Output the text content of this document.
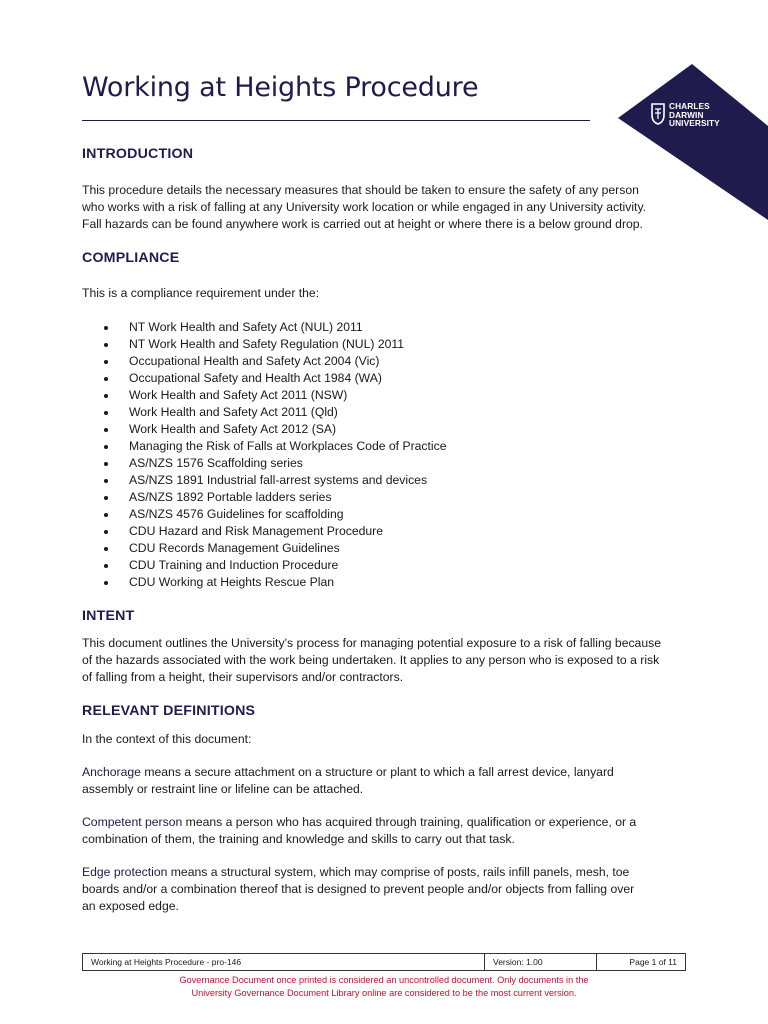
Working at Heights Procedure
CHARLES
DARWIN
UNIVERSITY
INTRODUCTION

This procedure details the necessary measures that should be taken to ensure the safety of any person
who works with a risk of falling at any University work location or while engaged in any University activity.
Fall hazards can be found anywhere work is carried out at height or where there is a below ground drop.

COMPLIANCE

This is a compliance requirement under the:

NT Work Health and Safety Act (NUL) 2011
NT Work Health and Safety Regulation (NUL) 2011
Occupational Health and Safety Act 2004 (Vic)
Occupational Safety and Health Act 1984 (WA)
Work Health and Safety Act 2011 (NSW)
Work Health and Safety Act 2011 (Qld)
Work Health and Safety Act 2012 (SA)
Managing the Risk of Falls at Workplaces Code of Practice
AS/NZS 1576 Scaffolding series
AS/NZS 1891 Industrial fall-arrest systems and devices
AS/NZS 1892 Portable ladders series
AS/NZS 4576 Guidelines for scaffolding
CDU Hazard and Risk Management Procedure
CDU Records Management Guidelines
CDU Training and Induction Procedure
CDU Working at Heights Rescue Plan
INTENT

This document outlines the University’s process for managing potential exposure to a risk of falling because
of the hazards associated with the work being undertaken. It applies to any person who is exposed to a risk
of falling from a height, their supervisors and/or contractors.

RELEVANT DEFINITIONS

In the context of this document:

Anchorage means a secure attachment on a structure or plant to which a fall arrest device, lanyard
assembly or restraint line or lifeline can be attached.

Competent person means a person who has acquired through training, qualification or experience, or a
combination of them, the training and knowledge and skills to carry out that task.

Edge protection means a structural system, which may comprise of posts, rails infill panels, mesh, toe
boards and/or a combination thereof that is designed to prevent people and/or objects from falling over
an exposed edge.

Working at Heights Procedure - pro-146	Version: 1.00	Page 1 of 11
Governance Document once printed is considered an uncontrolled document. Only documents in the
University Governance Document Library online are considered to be the most current version.
